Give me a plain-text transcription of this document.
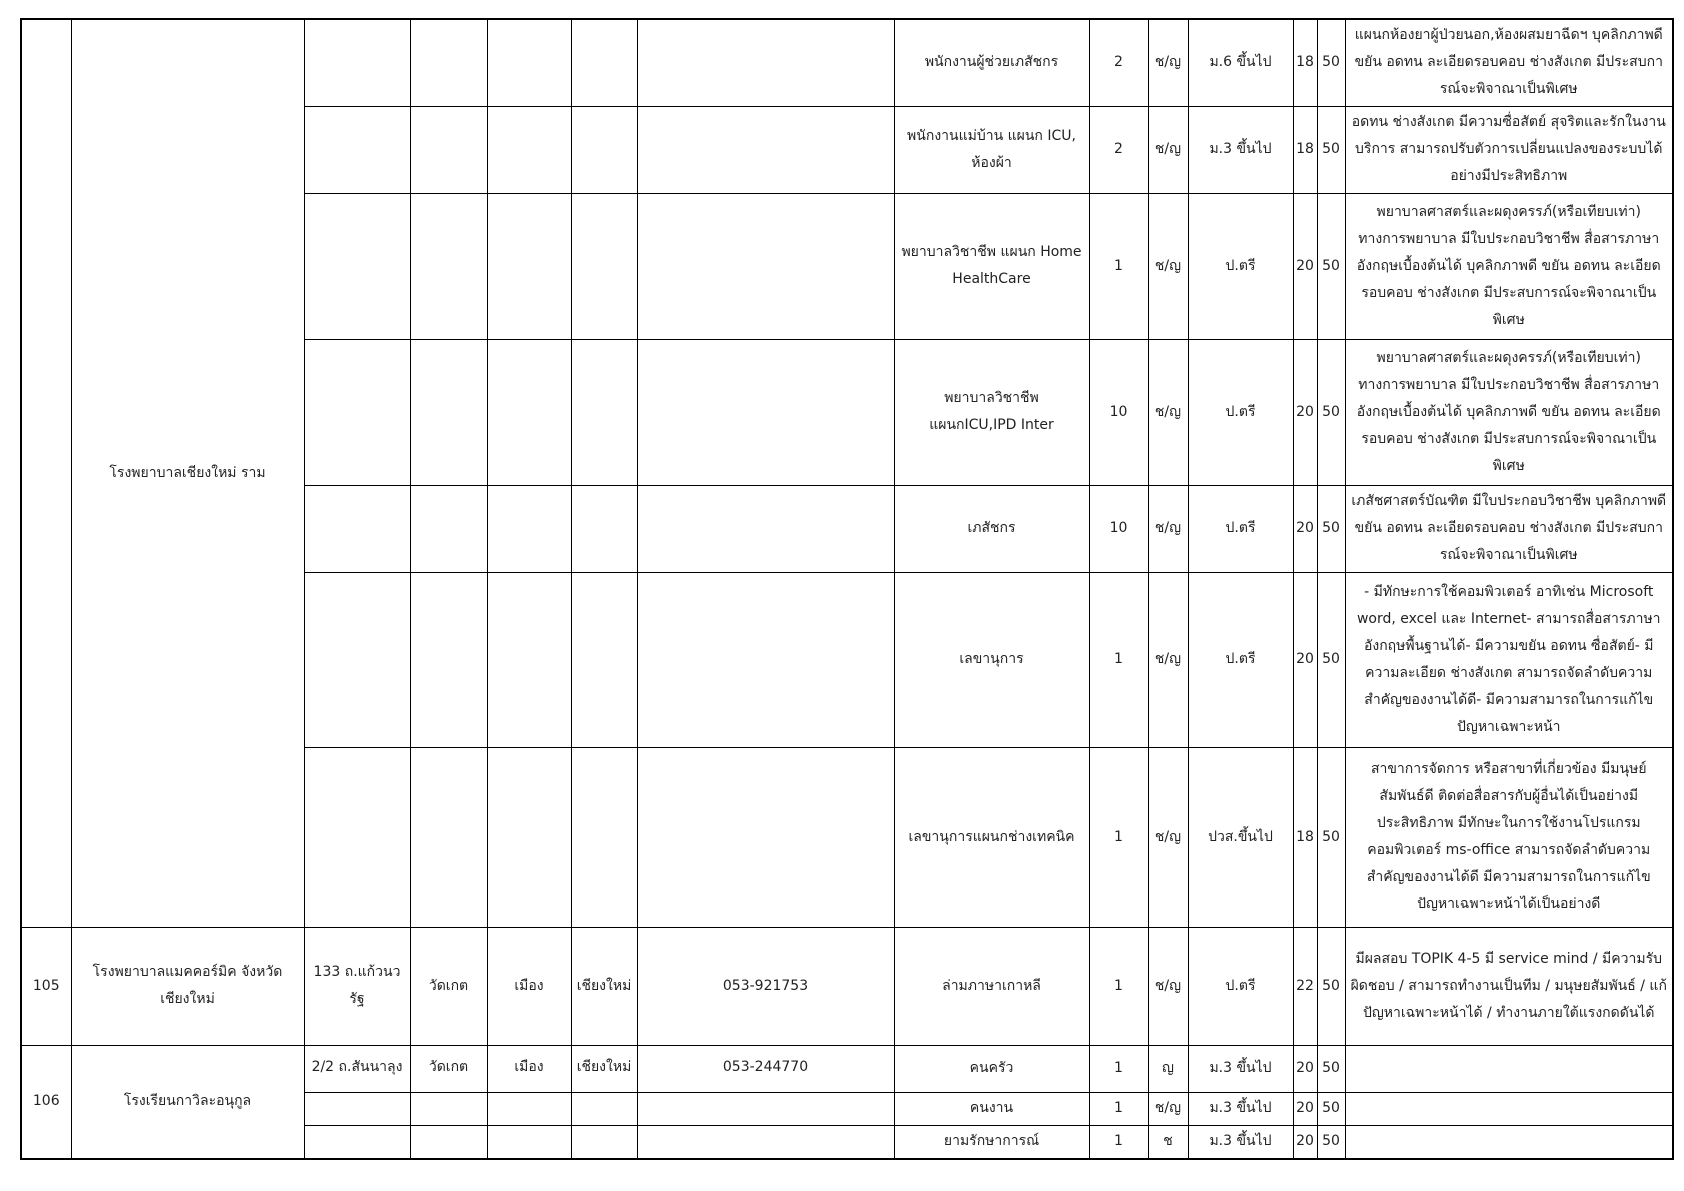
	โรงพยาบาลเชียงใหม่ ราม						พนักงานผู้ช่วยเภสัชกร	2	ช/ญ	ม.6 ขึ้นไป	18	50	แผนกห้องยาผู้ป่วยนอก,ห้องผสมยาฉีดฯ บุคลิกภาพดี ขยัน อดทน ละเอียดรอบคอบ ช่างสังเกต มีประสบการณ์จะพิจาณาเป็นพิเศษ
							พนักงานแม่บ้าน แผนก ICU, ห้องผ้า	2	ช/ญ	ม.3 ขึ้นไป	18	50	อดทน ช่างสังเกต มีความซื่อสัตย์ สุจริตและรักในงานบริการ สามารถปรับตัวการเปลี่ยนแปลงของระบบได้อย่างมีประสิทธิภาพ
							พยาบาลวิชาชีพ แผนก Home HealthCare	1	ช/ญ	ป.ตรี	20	50	พยาบาลศาสตร์และผดุงครรภ์(หรือเทียบเท่า) ทางการพยาบาล มีใบประกอบวิชาชีพ สื่อสารภาษาอังกฤษเบื้องต้นได้ บุคลิกภาพดี ขยัน อดทน ละเอียดรอบคอบ ช่างสังเกต มีประสบการณ์จะพิจาณาเป็นพิเศษ
							พยาบาลวิชาชีพ แผนกICU,IPD Inter	10	ช/ญ	ป.ตรี	20	50	พยาบาลศาสตร์และผดุงครรภ์(หรือเทียบเท่า) ทางการพยาบาล มีใบประกอบวิชาชีพ สื่อสารภาษาอังกฤษเบื้องต้นได้ บุคลิกภาพดี ขยัน อดทน ละเอียดรอบคอบ ช่างสังเกต มีประสบการณ์จะพิจาณาเป็นพิเศษ
							เภสัชกร	10	ช/ญ	ป.ตรี	20	50	เภสัชศาสตร์บัณฑิต มีใบประกอบวิชาชีพ บุคลิกภาพดี ขยัน อดทน ละเอียดรอบคอบ ช่างสังเกต มีประสบการณ์จะพิจาณาเป็นพิเศษ
							เลขานุการ	1	ช/ญ	ป.ตรี	20	50	- มีทักษะการใช้คอมพิวเตอร์ อาทิเช่น Microsoft word, excel และ Internet- สามารถสื่อสารภาษาอังกฤษพื้นฐานได้- มีความขยัน อดทน ซื่อสัตย์- มีความละเอียด ช่างสังเกต สามารถจัดลำดับความสำคัญของงานได้ดี- มีความสามารถในการแก้ไขปัญหาเฉพาะหน้า
							เลขานุการแผนกช่างเทคนิค	1	ช/ญ	ปวส.ขึ้นไป	18	50	สาขาการจัดการ หรือสาขาที่เกี่ยวข้อง มีมนุษย์สัมพันธ์ดี ติดต่อสื่อสารกับผู้อื่นได้เป็นอย่างมีประสิทธิภาพ มีทักษะในการใช้งานโปรแกรมคอมพิวเตอร์ ms-office สามารถจัดลำดับความสำคัญของงานได้ดี มีความสามารถในการแก้ไขปัญหาเฉพาะหน้าได้เป็นอย่างดี
105	โรงพยาบาลแมคคอร์มิค จังหวัดเชียงใหม่	133 ถ.แก้วนวรัฐ	วัดเกต	เมือง	เชียงใหม่	053-921753	ล่ามภาษาเกาหลี	1	ช/ญ	ป.ตรี	22	50	มีผลสอบ TOPIK 4-5 มี service mind / มีความรับผิดชอบ / สามารถทำงานเป็นทีม / มนุษยสัมพันธ์ / แก้ปัญหาเฉพาะหน้าได้ / ทำงานภายใต้แรงกดดันได้
106	โรงเรียนกาวิละอนุกูล	2/2 ถ.สันนาลุง	วัดเกต	เมือง	เชียงใหม่	053-244770	คนครัว	1	ญ	ม.3 ขึ้นไป	20	50	
							คนงาน	1	ช/ญ	ม.3 ขึ้นไป	20	50	
							ยามรักษาการณ์	1	ช	ม.3 ขึ้นไป	20	50	
